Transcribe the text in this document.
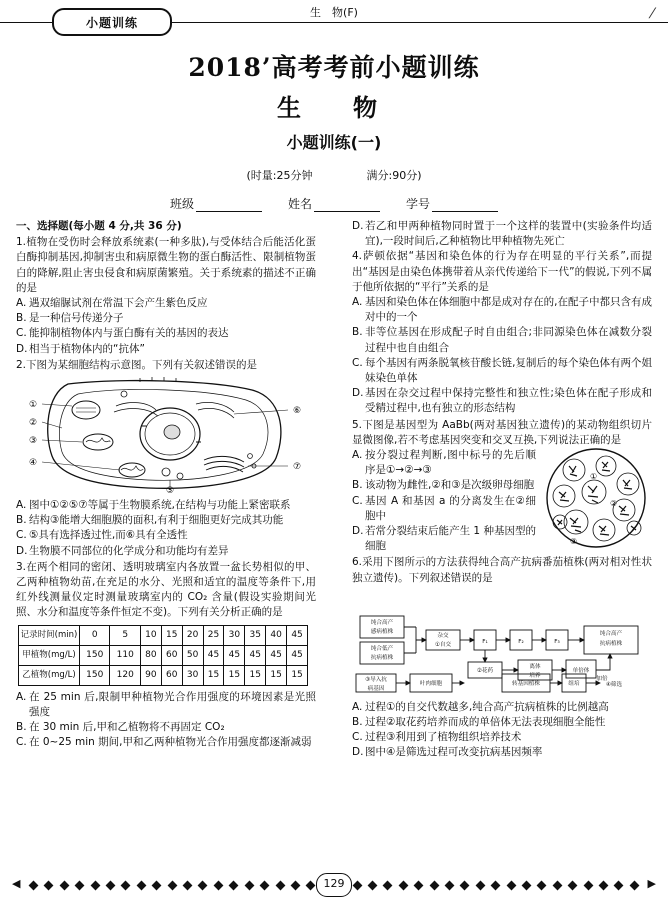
小题训练
生　物(F)	/
2018’高考考前小题训练
生　物
小题训练(一)
(时量:25分钟	满分:90分)
班级	姓名	学号
一、选择题(每小题 4 分,共 36 分)
1.植物在受伤时会释放系统素(一种多肽),与受体结合后能活化蛋白酶抑制基因,抑制害虫和病原微生物的蛋白酶活性、限制植物蛋白的降解,阻止害虫侵食和病原菌繁殖。关于系统素的描述不正确的是
A. 遇双缩脲试剂在常温下会产生紫色反应
B. 是一种信号传递分子
C. 能抑制植物体内与蛋白酶有关的基因的表达
D. 相当于植物体内的“抗体”
2.下图为某细胞结构示意图。下列有关叙述错误的是
①
②
③
④
⑤
⑥
⑦
A. 图中①②⑤⑦等属于生物膜系统,在结构与功能上紧密联系
B. 结构③能增大细胞膜的面积,有利于细胞更好完成其功能
C. ⑤具有选择透过性,而⑥具有全透性
D. 生物膜不同部位的化学成分和功能均有差异
3.在两个相同的密闭、透明玻璃室内各放置一盆长势相似的甲、乙两种植物幼苗,在充足的水分、光照和适宜的温度等条件下,用红外线测量仪定时测量玻璃室内的 CO₂ 含量(假设实验期间光照、水分和温度等条件恒定不变)。下列有关分析正确的是
记录时间(min)	0	5	10	15	20	25	30	35	40	45
甲植物(mg/L)	150	110	80	60	50	45	45	45	45	45
乙植物(mg/L)	150	120	90	60	30	15	15	15	15	15
A. 在 25 min 后,限制甲种植物光合作用强度的环境因素是光照强度
B. 在 30 min 后,甲和乙植物将不再固定 CO₂
C. 在 0~25 min 期间,甲和乙两种植物光合作用强度都逐渐减弱
D. 若乙和甲两种植物同时置于一个这样的装置中(实验条件均适宜),一段时间后,乙种植物比甲种植物先死亡
4.萨顿依据“基因和染色体的行为存在明显的平行关系”,而提出“基因是由染色体携带着从亲代传递给下一代”的假说,下列不属于他所依据的“平行”关系的是
A. 基因和染色体在体细胞中都是成对存在的,在配子中都只含有成对中的一个
B. 非等位基因在形成配子时自由组合;非同源染色体在减数分裂过程中也自由组合
C. 每个基因有两条脱氧核苷酸长链,复制后的每个染色体有两个姐妹染色单体
D. 基因在杂交过程中保持完整性和独立性;染色体在配子形成和受精过程中,也有独立的形态结构
5.下图是基因型为 AaBb(两对基因独立遗传)的某动物组织切片显微图像,若不考虑基因突变和交叉互换,下列说法正确的是
A. 按分裂过程判断,图中标号的先后顺序是①→②→③
B. 该动物为雌性,②和③是次级卵母细胞
C. 基因 A 和基因 a 的分离发生在②细胞中
D. 若常分裂结束后能产生 1 种基因型的细胞
①
②
③
6.采用下图所示的方法获得纯合高产抗病番茄植株(两对相对性状独立遗传)。下列叙述错误的是
纯合高产
感病植株
纯合低产
抗病植株
杂交
①自交	F₁	F₂	F₃
纯合高产
抗病植株
②花药
离体
培养
单倍体
加倍
③导入抗
病基因
叶肉细胞	转基因植株	组培	④筛选
A. 过程①的自交代数越多,纯合高产抗病植株的比例越高
B. 过程②取花药培养而成的单倍体无法表现细胞全能性
C. 过程③利用到了植物组织培养技术
D. 图中④是筛选过程可改变抗病基因频率
◀	▶
129
